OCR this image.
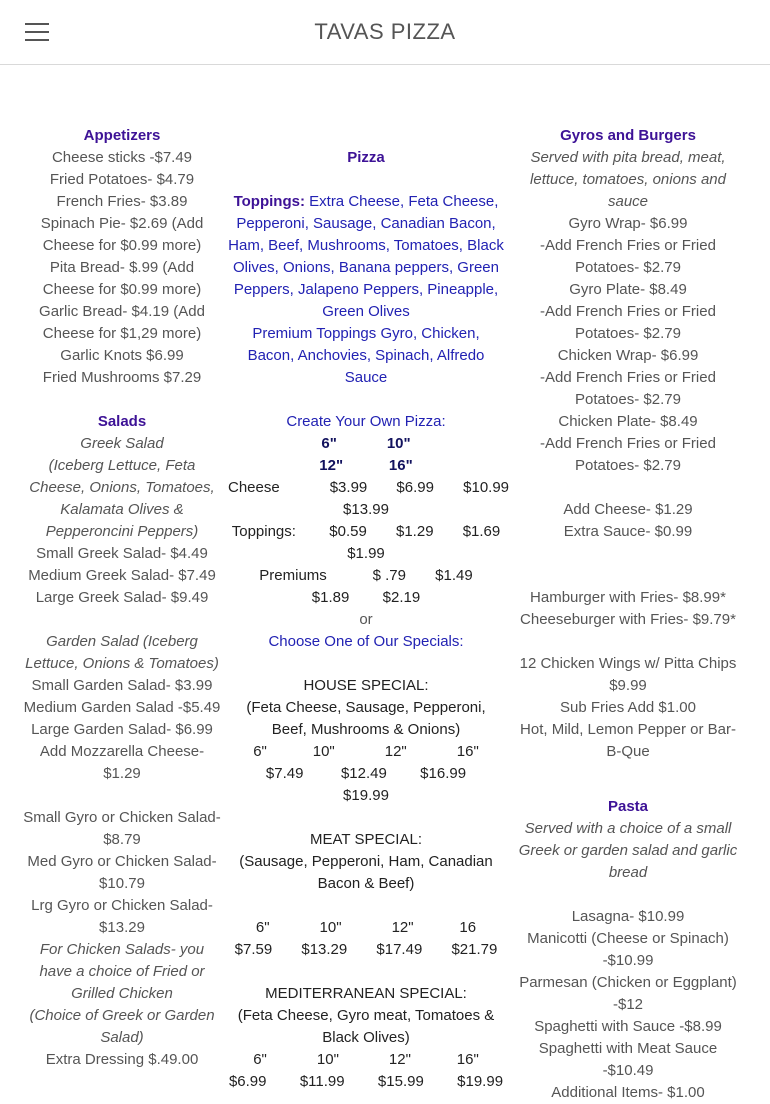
TAVAS PIZZA

Appetizers

Cheese sticks -$7.49

Fried Potatoes- $4.79

French Fries- $3.89

Spinach Pie- $2.69 (Add Cheese for $0.99 more)

Pita Bread- $.99 (Add Cheese for $0.99 more)

Garlic Bread- $4.19 (Add Cheese for $1,29 more)

Garlic Knots $6.99

Fried Mushrooms $7.29

Salads

Greek Salad

(Iceberg Lettuce, Feta Cheese, Onions, Tomatoes, Kalamata Olives & Pepperoncini Peppers)

Small Greek Salad- $4.49

Medium Greek Salad- $7.49

Large Greek Salad- $9.49

Garden Salad (Iceberg Lettuce, Onions & Tomatoes)

Small Garden Salad- $3.99

Medium Garden Salad -$5.49

Large Garden Salad- $6.99

Add Mozzarella Cheese- $1.29

Small Gyro or Chicken Salad- $8.79

Med Gyro or Chicken Salad- $10.79

Lrg Gyro or Chicken Salad- $13.29

For Chicken Salads- you have a choice of Fried or Grilled Chicken

(Choice of Greek or Garden Salad)

Extra Dressing $.49.00

Pizza

Toppings: Extra Cheese, Feta Cheese, Pepperoni, Sausage, Canadian Bacon, Ham, Beef, Mushrooms, Tomatoes, Black Olives, Onions, Banana peppers, Green Peppers, Jalapeno Peppers, Pineapple, Green Olives

Premium Toppings Gyro, Chicken, Bacon, Anchovies, Spinach, Alfredo Sauce

Create Your Own Pizza:

6"            10"

12"           16"

Cheese            $3.99       $6.99       $10.99

$13.99

Toppings:        $0.59       $1.29       $1.69

$1.99

Premiums           $ .79       $1.49

$1.89        $2.19

or

Choose One of Our Specials:

HOUSE SPECIAL:

(Feta Cheese, Sausage, Pepperoni, Beef, Mushrooms & Onions)

6"           10"            12"            16"

$7.49         $12.49        $16.99

$19.99

MEAT SPECIAL:

(Sausage, Pepperoni, Ham, Canadian Bacon & Beef)

6"            10"            12"           16

$7.59       $13.29       $17.49       $21.79

MEDITERRANEAN SPECIAL:

(Feta Cheese, Gyro meat, Tomatoes & Black Olives)

6"            10"            12"           16"

$6.99        $11.99        $15.99        $19.99

Gyros and Burgers

Served with pita bread, meat, lettuce, tomatoes, onions and sauce

Gyro Wrap- $6.99

-Add French Fries or Fried Potatoes- $2.79

Gyro Plate- $8.49

-Add French Fries or Fried Potatoes- $2.79

Chicken Wrap- $6.99

-Add French Fries or Fried Potatoes- $2.79

Chicken Plate- $8.49

-Add French Fries or Fried Potatoes- $2.79

Add Cheese- $1.29

Extra Sauce- $0.99

Hamburger with Fries- $8.99*

Cheeseburger with Fries- $9.79*

12 Chicken Wings w/ Pitta Chips $9.99

Sub Fries Add $1.00

Hot, Mild, Lemon Pepper or Bar-B-Que

Pasta

Served with a choice of a small Greek or garden salad and garlic bread

Lasagna- $10.99

Manicotti (Cheese or Spinach) -$10.99

Parmesan (Chicken or Eggplant) -$12

Spaghetti with Sauce -$8.99

Spaghetti with Meat Sauce -$10.49

Additional Items- $1.00
